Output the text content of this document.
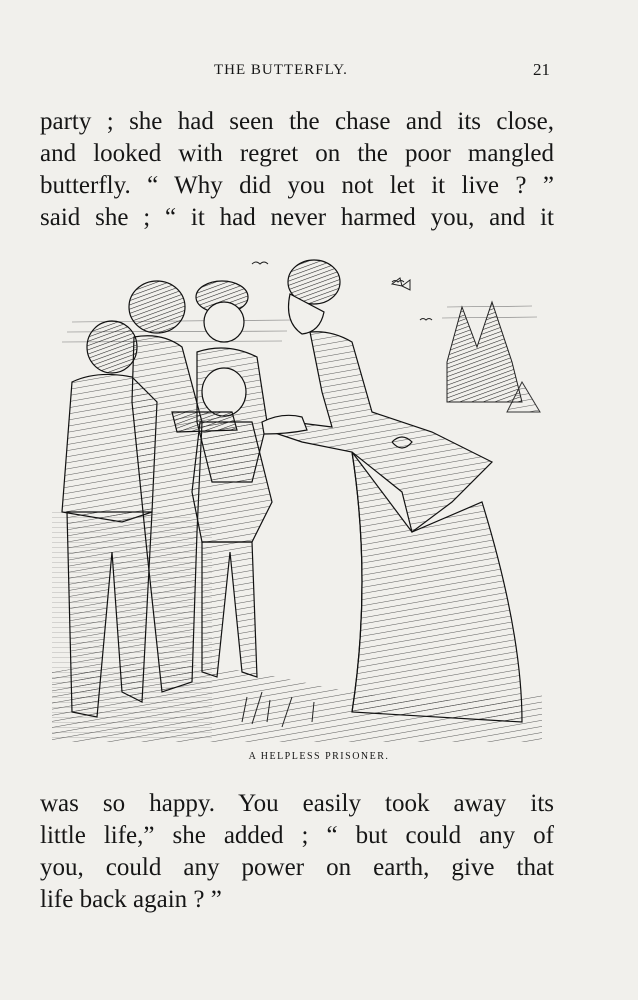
THE BUTTERFLY.	21
party ; she had seen the chase and its close,
and looked with regret on the poor mangled
butterfly. “ Why did you not let it live ? ”
said she ; “ it had never harmed you, and it
A HELPLESS PRISONER.
was so happy. You easily took away its
little life,” she added ; “ but could any of
you, could any power on earth, give that
life back again ? ”
